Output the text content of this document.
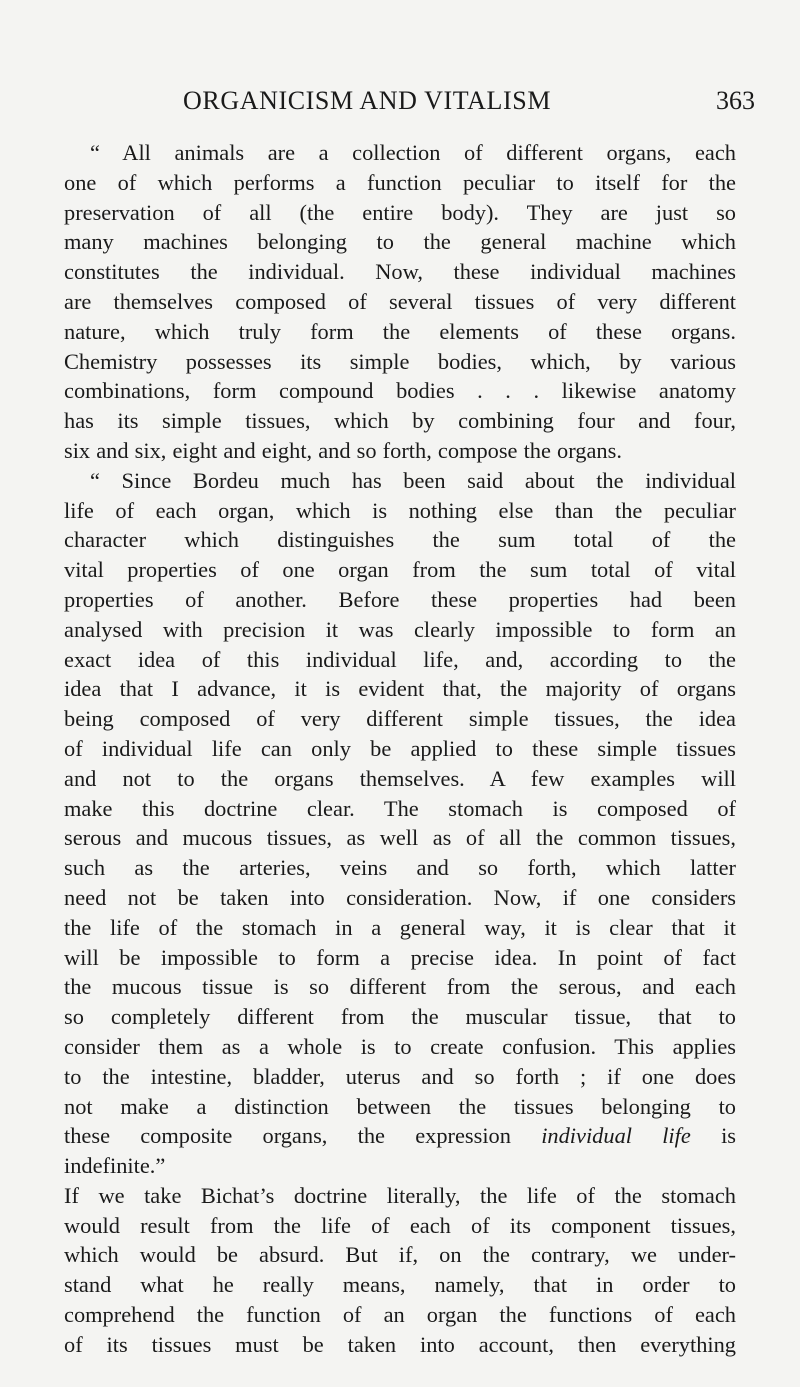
ORGANICISM AND VITALISM	363
“ All animals are a collection of different organs, each
one of which performs a function peculiar to itself for the
preservation of all (the entire body). They are just so
many machines belonging to the general machine which
constitutes the individual. Now, these individual machines
are themselves composed of several tissues of very different
nature, which truly form the elements of these organs.
Chemistry possesses its simple bodies, which, by various
combinations, form compound bodies . . . likewise anatomy
has its simple tissues, which by combining four and four,
six and six, eight and eight, and so forth, compose the organs.
“ Since Bordeu much has been said about the individual
life of each organ, which is nothing else than the peculiar
character which distinguishes the sum total of the
vital properties of one organ from the sum total of vital
properties of another. Before these properties had been
analysed with precision it was clearly impossible to form an
exact idea of this individual life, and, according to the
idea that I advance, it is evident that, the majority of organs
being composed of very different simple tissues, the idea
of individual life can only be applied to these simple tissues
and not to the organs themselves. A few examples will
make this doctrine clear. The stomach is composed of
serous and mucous tissues, as well as of all the common tissues,
such as the arteries, veins and so forth, which latter
need not be taken into consideration. Now, if one considers
the life of the stomach in a general way, it is clear that it
will be impossible to form a precise idea. In point of fact
the mucous tissue is so different from the serous, and each
so completely different from the muscular tissue, that to
consider them as a whole is to create confusion. This applies
to the intestine, bladder, uterus and so forth ; if one does
not make a distinction between the tissues belonging to
these composite organs, the expression individual life is
indefinite.”
If we take Bichat’s doctrine literally, the life of the stomach
would result from the life of each of its component tissues,
which would be absurd. But if, on the contrary, we under-
stand what he really means, namely, that in order to
comprehend the function of an organ the functions of each
of its tissues must be taken into account, then everything
